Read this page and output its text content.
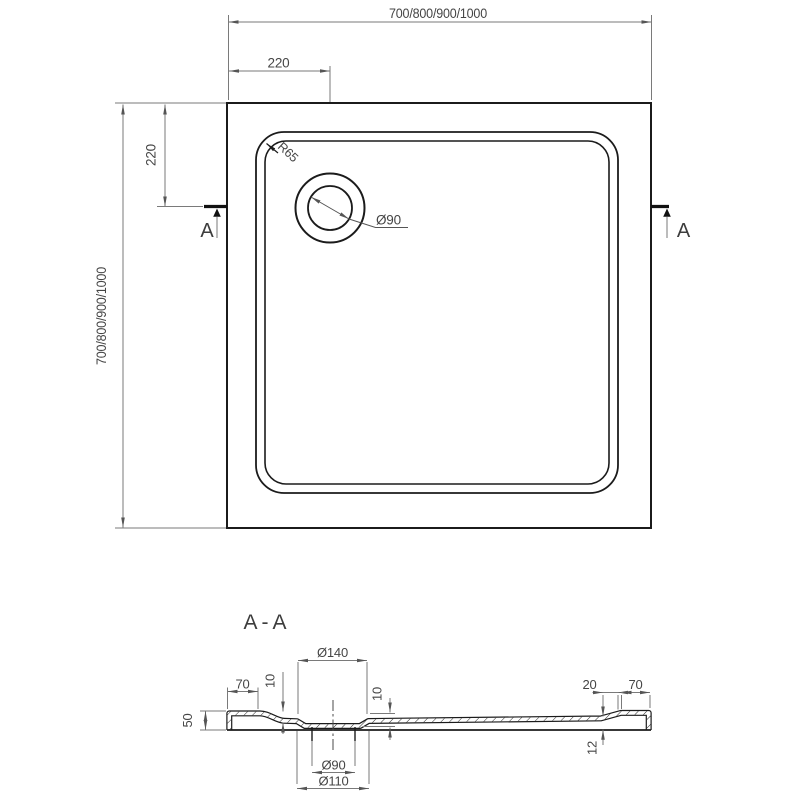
700/800/900/1000
220
700/800/900/1000
220	R65
Ø90
A	A
A-A
Ø140
70 10
10
50
20 70
12
Ø90
Ø110
